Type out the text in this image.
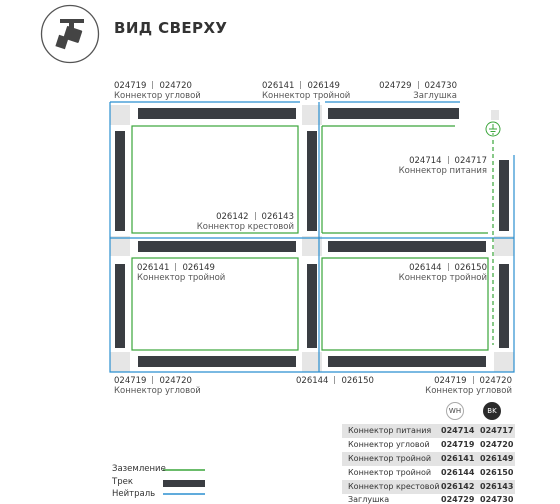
ВИД СВЕРХУ
024719 024720
Коннектор угловой
026141 026149
Коннектор тройной
024729 024730
Заглушка
024714 024717
Коннектор питания
026142 026143
Коннектор крестовой
026141 026149
Коннектор тройной
026144 026150
Коннектор тройной
024719 024720
Коннектор угловой
026144 026150	024719 024720
Коннектор угловой
Заземление
Трек
Нейтраль
WH	BK
Коннектор питания 024714 024717
Коннектор угловой 024719 024720
Коннектор тройной 026141 026149
Коннектор тройной 026144 026150
Коннектор крестовой 026142 026143
Заглушка	024729 024730
